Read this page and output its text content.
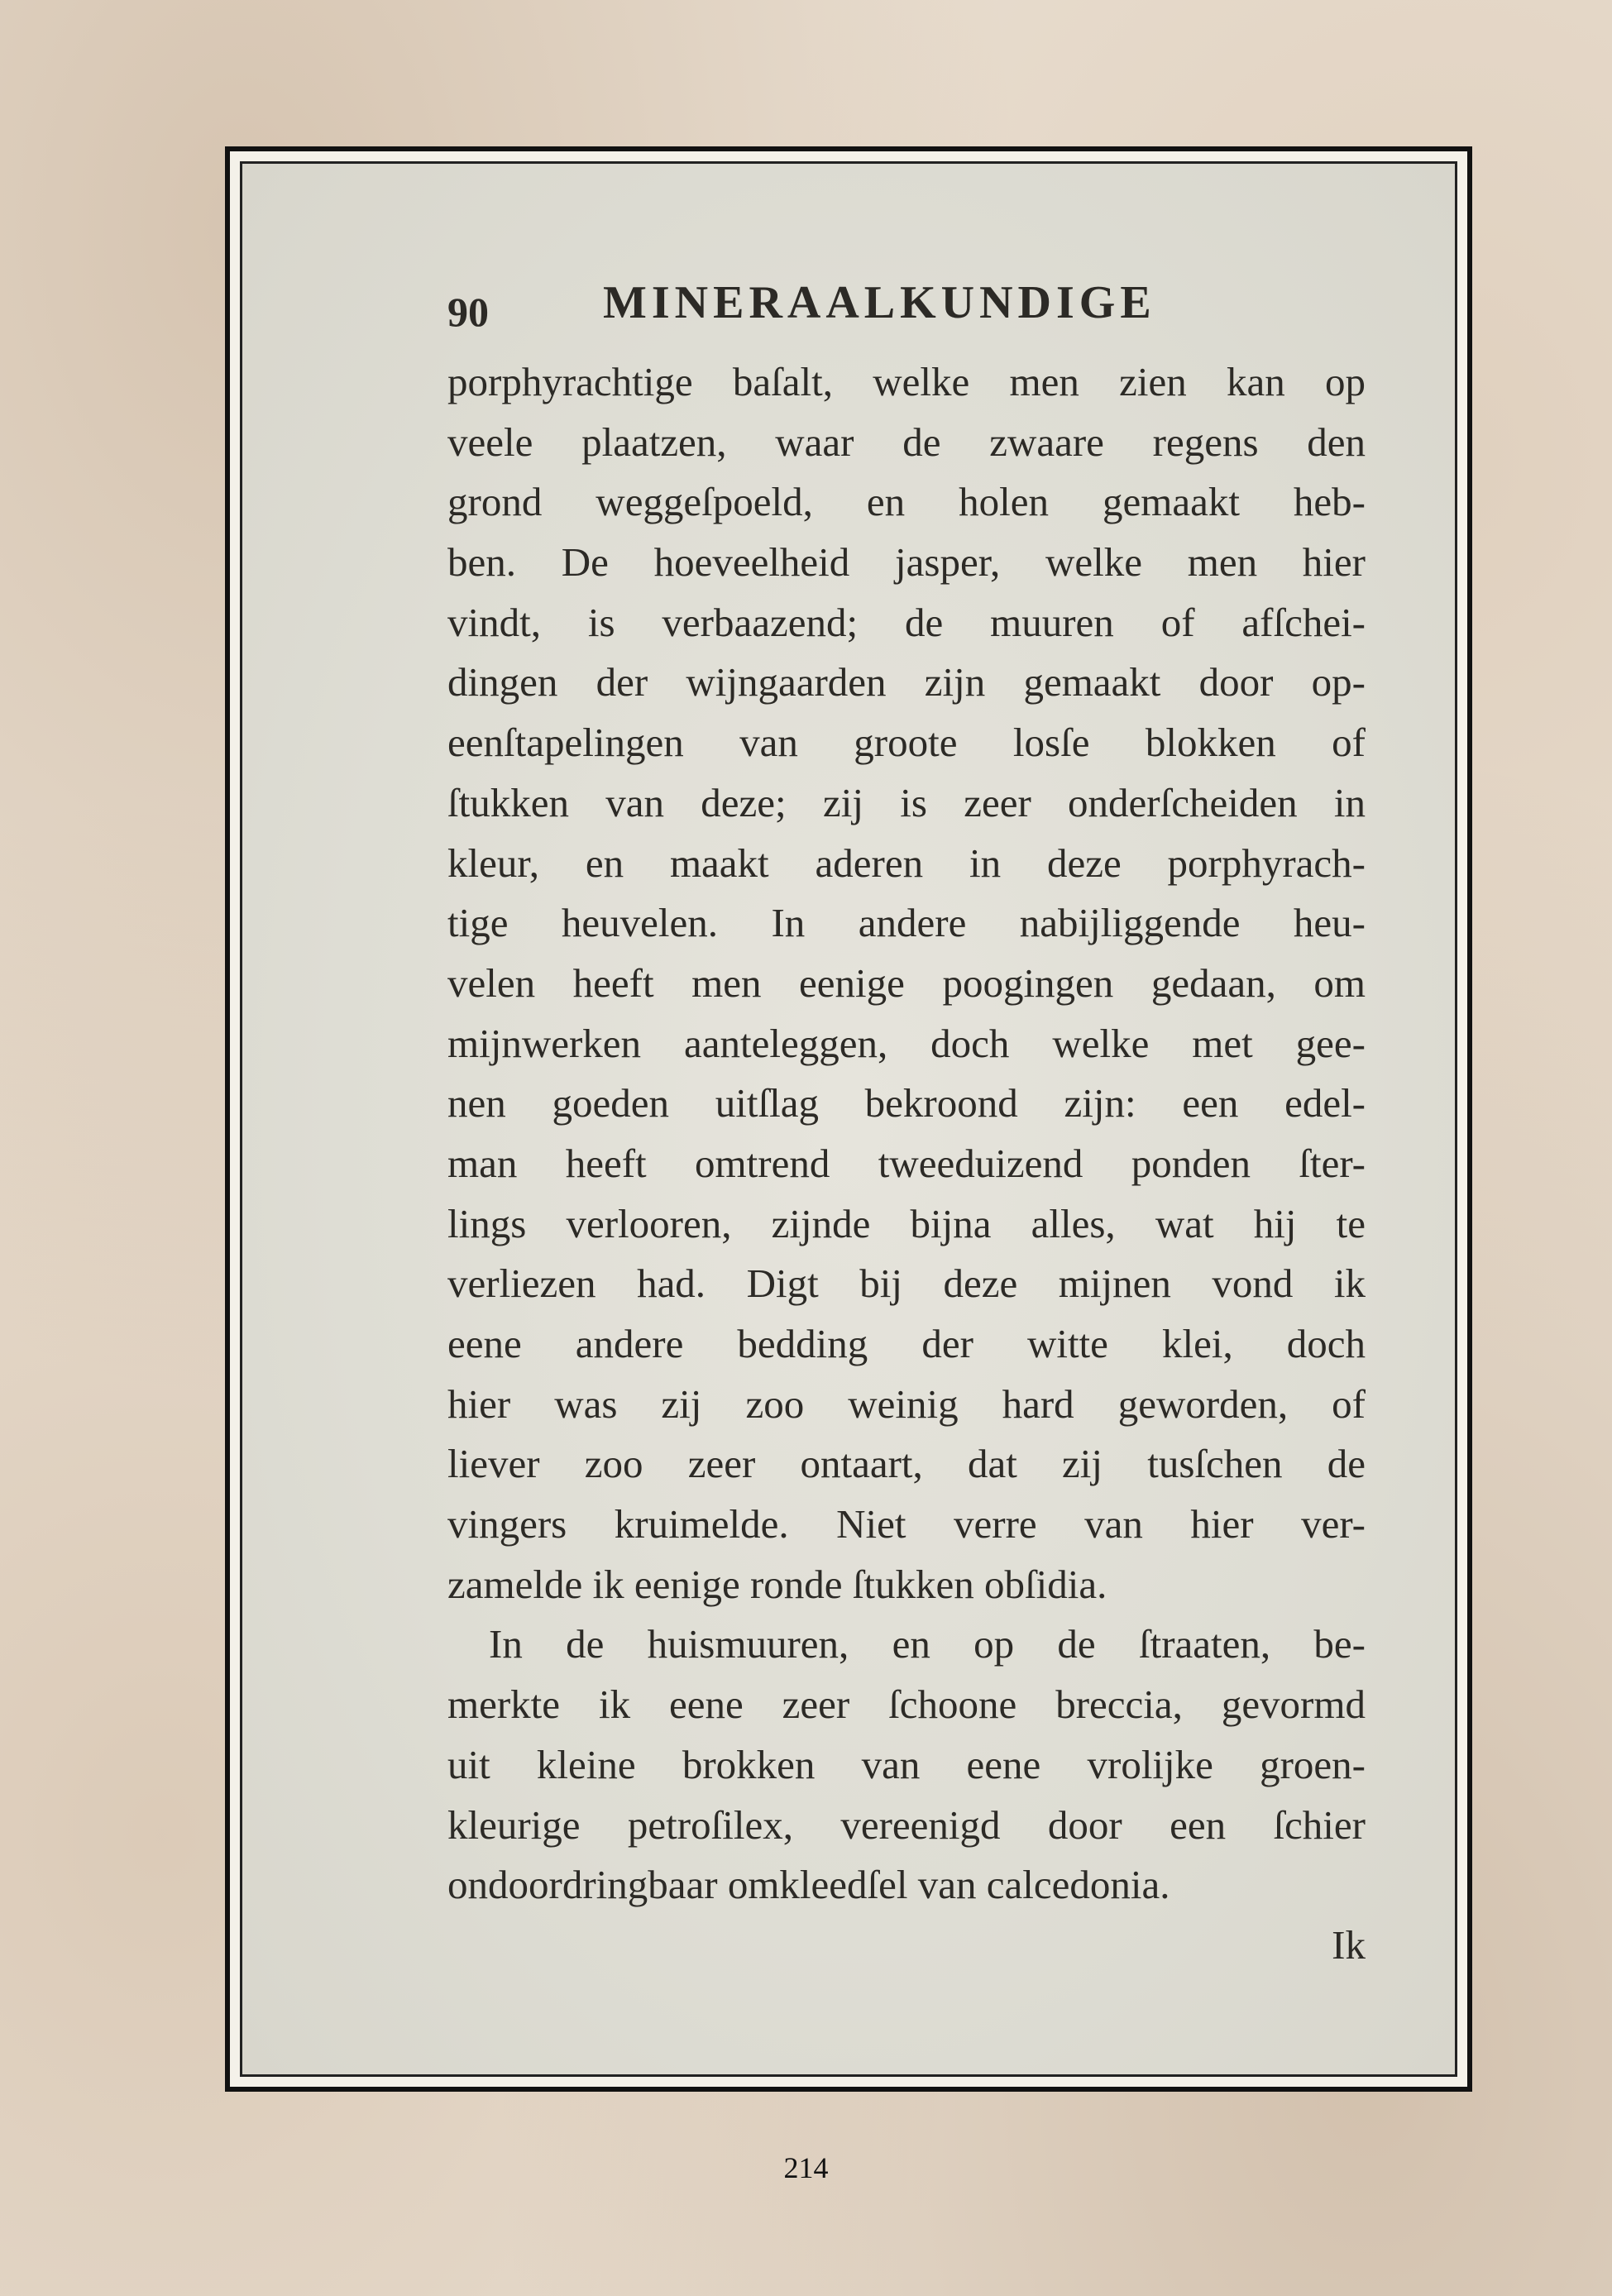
90 MINERAALKUNDIGE
porphyrachtige baſalt, welke men zien kan op
veele plaatzen, waar de zwaare regens den
grond weggeſpoeld, en holen gemaakt heb-
ben. De hoeveelheid jasper, welke men hier
vindt, is verbaazend; de muuren of afſchei-
dingen der wijngaarden zijn gemaakt door op-
eenſtapelingen van groote losſe blokken of
ſtukken van deze; zij is zeer onderſcheiden in
kleur, en maakt aderen in deze porphyrach-
tige heuvelen. In andere nabijliggende heu-
velen heeft men eenige poogingen gedaan, om
mijnwerken aanteleggen, doch welke met gee-
nen goeden uitſlag bekroond zijn: een edel-
man heeft omtrend tweeduizend ponden ſter-
lings verlooren, zijnde bijna alles, wat hij te
verliezen had. Digt bij deze mijnen vond ik
eene andere bedding der witte klei, doch
hier was zij zoo weinig hard geworden, of
liever zoo zeer ontaart, dat zij tusſchen de
vingers kruimelde. Niet verre van hier ver-
zamelde ik eenige ronde ſtukken obſidia.
In de huismuuren, en op de ſtraaten, be-
merkte ik eene zeer ſchoone breccia, gevormd
uit kleine brokken van eene vrolijke groen-
kleurige petroſilex, vereenigd door een ſchier
ondoordringbaar omkleedſel van calcedonia.
Ik
214
